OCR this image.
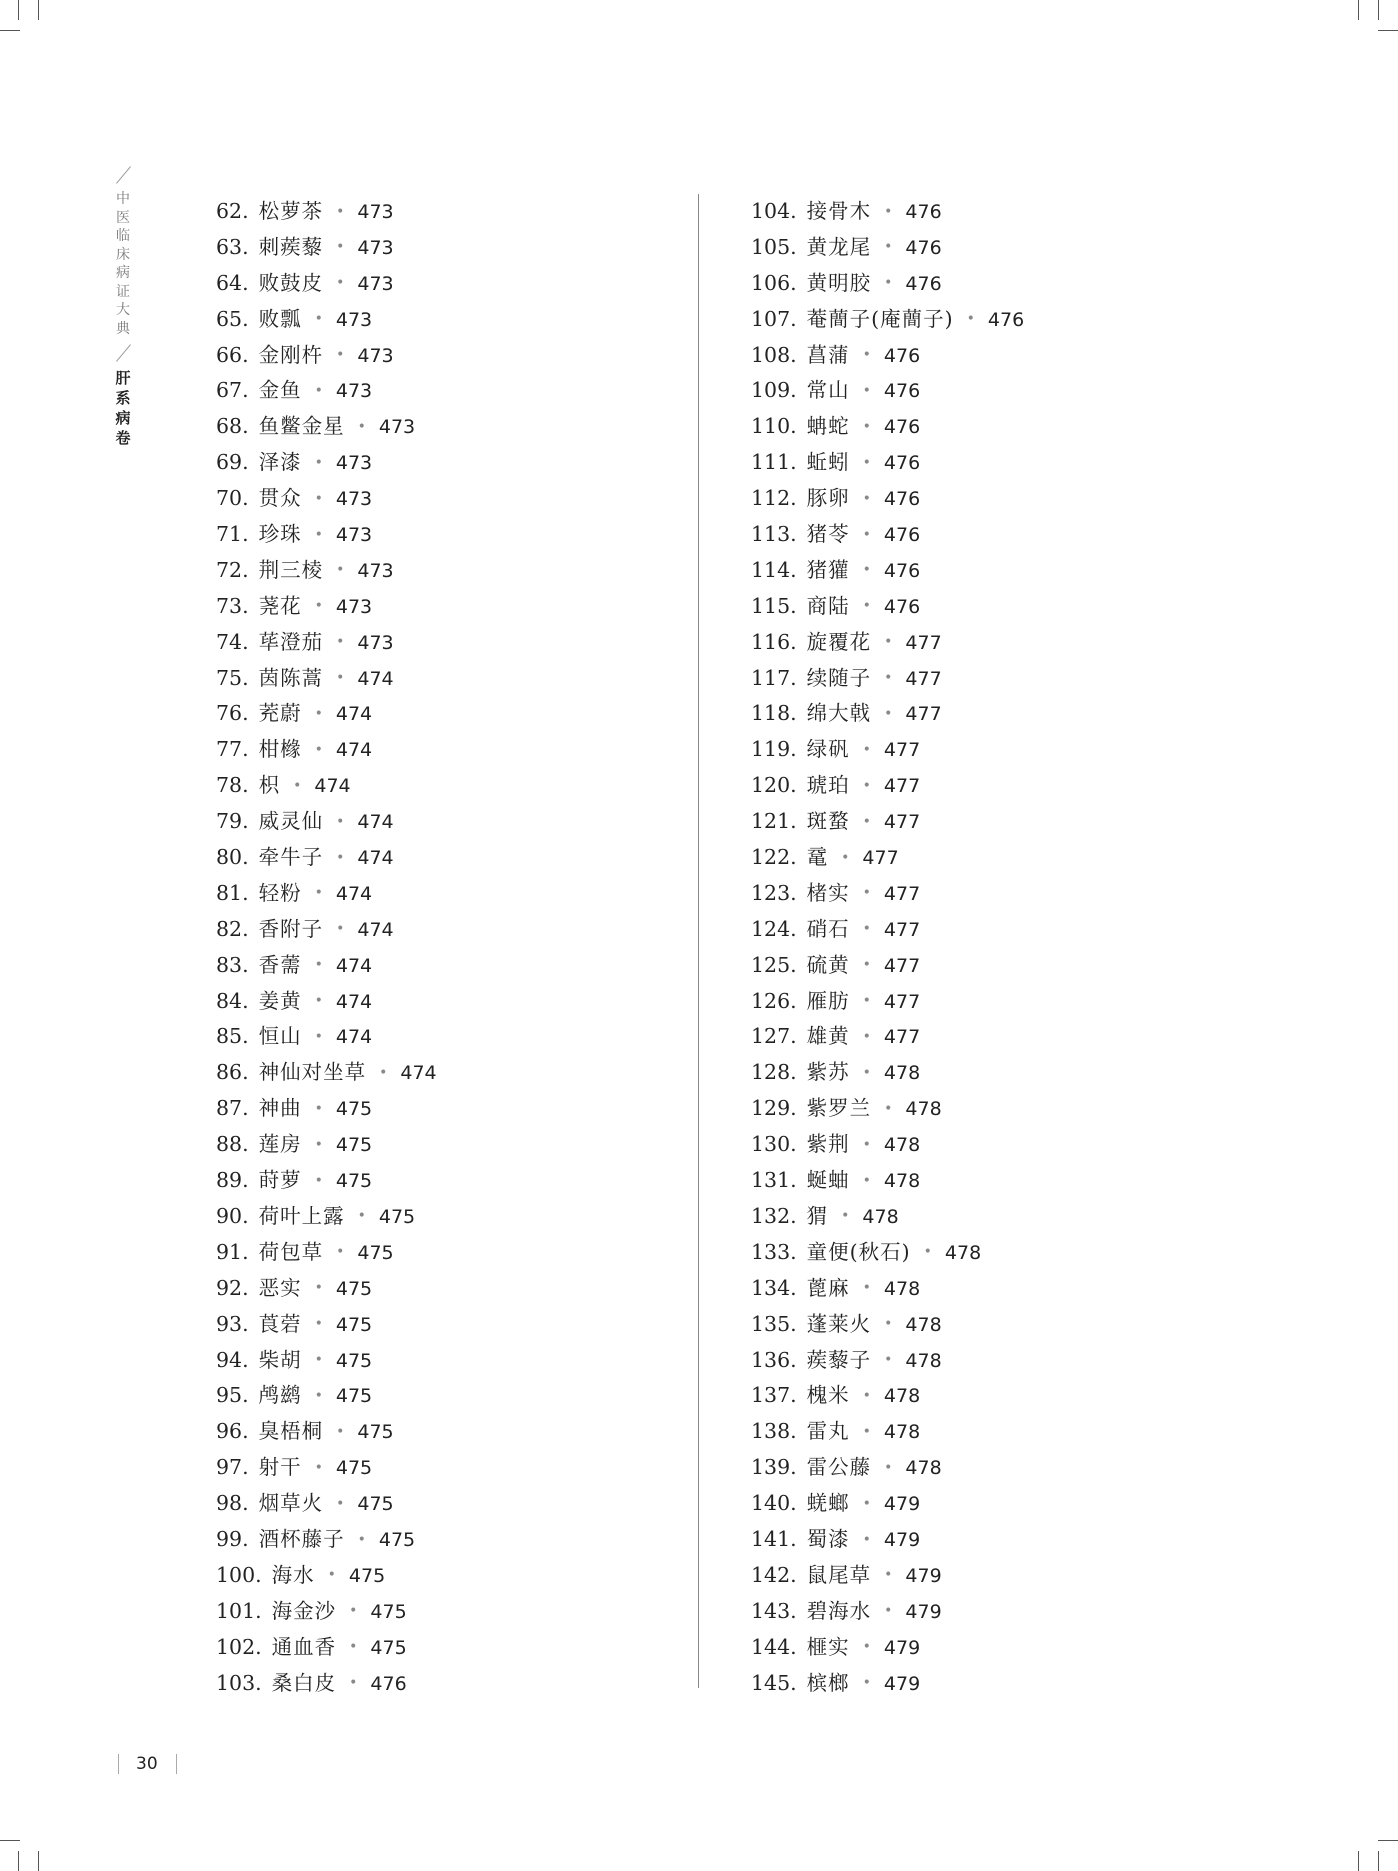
中
医
临
床
病
证
大
典
肝
系
病
卷
62. 松萝茶 • 473
63. 刺蒺藜 • 473
64. 败鼓皮 • 473
65. 败瓢 • 473
66. 金刚杵 • 473
67. 金鱼 • 473
68. 鱼鳖金星 • 473
69. 泽漆 • 473
70. 贯众 • 473
71. 珍珠 • 473
72. 荆三棱 • 473
73. 荛花 • 473
74. 荜澄茄 • 473
75. 茵陈蒿 • 474
76. 茺蔚 • 474
77. 柑橼 • 474
78. 枳 • 474
79. 威灵仙 • 474
80. 牵牛子 • 474
81. 轻粉 • 474
82. 香附子 • 474
83. 香薷 • 474
84. 姜黄 • 474
85. 恒山 • 474
86. 神仙对坐草 • 474
87. 神曲 • 475
88. 莲房 • 475
89. 莳萝 • 475
90. 荷叶上露 • 475
91. 荷包草 • 475
92. 恶实 • 475
93. 莨菪 • 475
94. 柴胡 • 475
95. 鸬鹚 • 475
96. 臭梧桐 • 475
97. 射干 • 475
98. 烟草火 • 475
99. 酒杯藤子 • 475
100. 海水 • 475
101. 海金沙 • 475
102. 通血香 • 475
103. 桑白皮 • 476
104. 接骨木 • 476
105. 黄龙尾 • 476
106. 黄明胶 • 476
107. 菴蕳子(庵蕳子) • 476
108. 菖蒲 • 476
109. 常山 • 476
110. 蚺蛇 • 476
111. 蚯蚓 • 476
112. 豚卵 • 476
113. 猪苓 • 476
114. 猪獾 • 476
115. 商陆 • 476
116. 旋覆花 • 477
117. 续随子 • 477
118. 绵大戟 • 477
119. 绿矾 • 477
120. 琥珀 • 477
121. 斑蝥 • 477
122. 鼋 • 477
123. 楮实 • 477
124. 硝石 • 477
125. 硫黄 • 477
126. 雁肪 • 477
127. 雄黄 • 477
128. 紫苏 • 478
129. 紫罗兰 • 478
130. 紫荆 • 478
131. 蜒蚰 • 478
132. 猬 • 478
133. 童便(秋石) • 478
134. 蓖麻 • 478
135. 蓬莱火 • 478
136. 蒺藜子 • 478
137. 槐米 • 478
138. 雷丸 • 478
139. 雷公藤 • 478
140. 蜣螂 • 479
141. 蜀漆 • 479
142. 鼠尾草 • 479
143. 碧海水 • 479
144. 榧实 • 479
145. 槟榔 • 479
30
